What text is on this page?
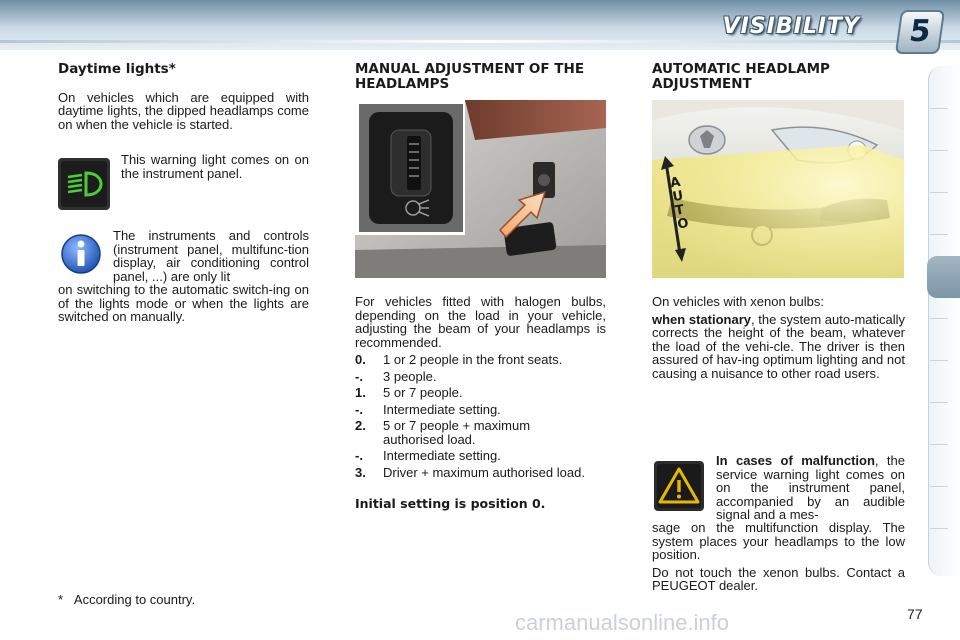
VISIBILITY	5
Daytime lights*

On vehicles which are equipped with daytime lights, the dipped headlamps come on when the vehicle is started.

This warning light comes on on the instrument panel.

The instruments and controls (instrument panel, multifunc-tion display, air conditioning control panel, ...) are only lit

on switching to the automatic switch-ing on of the lights mode or when the lights are switched on manually.

* According to country.
MANUAL ADJUSTMENT OF THE HEADLAMPS

For vehicles fitted with halogen bulbs, depending on the load in your vehicle, adjusting the beam of your headlamps is recommended.

0. 1 or 2 people in the front seats.
-. 3 people.
1. 5 or 7 people.
-. Intermediate setting.
2. 5 or 7 people + maximum authorised load.
-. Intermediate setting.
3. Driver + maximum authorised load.

Initial setting is position 0.

AUTOMATIC HEADLAMP ADJUSTMENT
AUTO

On vehicles with xenon bulbs:

when stationary, the system auto-matically corrects the height of the beam, whatever the load of the vehi-cle. The driver is then assured of hav-ing optimum lighting and not causing a nuisance to other road users.

In cases of malfunction, the service warning light comes on on the instrument panel, accompanied by an audible signal and a mes-

sage on the multifunction display. The system places your headlamps to the low position.

Do not touch the xenon bulbs. Contact a PEUGEOT dealer.

77
carmanualsonline.info
